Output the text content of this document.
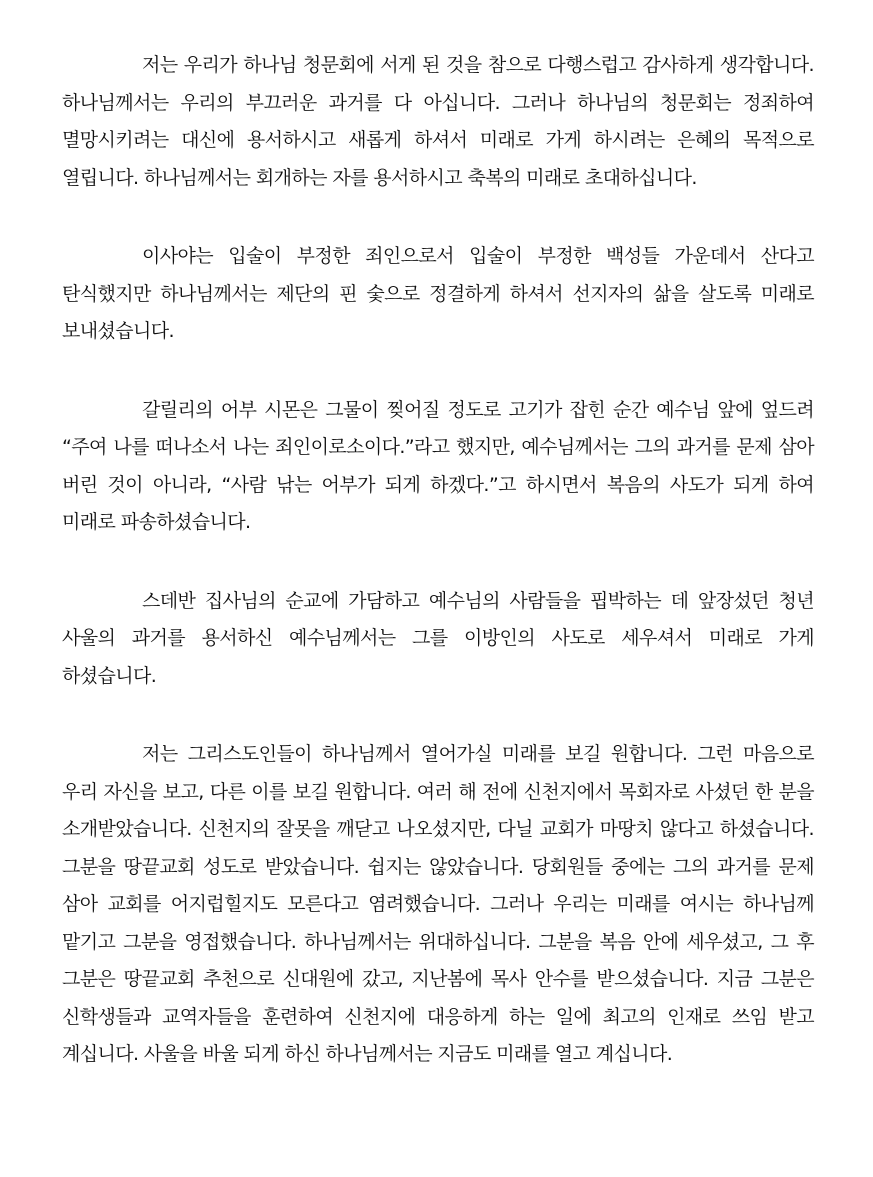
저는 우리가 하나님 청문회에 서게 된 것을 참으로 다행스럽고 감사하게 생각합니다. 하나님께서는 우리의 부끄러운 과거를 다 아십니다. 그러나 하나님의 청문회는 정죄하여 멸망시키려는 대신에 용서하시고 새롭게 하셔서 미래로 가게 하시려는 은혜의 목적으로 열립니다. 하나님께서는 회개하는 자를 용서하시고 축복의 미래로 초대하십니다.

이사야는 입술이 부정한 죄인으로서 입술이 부정한 백성들 가운데서 산다고 탄식했지만 하나님께서는 제단의 핀 숯으로 정결하게 하셔서 선지자의 삶을 살도록 미래로 보내셨습니다.

갈릴리의 어부 시몬은 그물이 찢어질 정도로 고기가 잡힌 순간 예수님 앞에 엎드려 “주여 나를 떠나소서 나는 죄인이로소이다.”라고 했지만, 예수님께서는 그의 과거를 문제 삼아 버린 것이 아니라, “사람 낚는 어부가 되게 하겠다.”고 하시면서 복음의 사도가 되게 하여 미래로 파송하셨습니다.

스데반 집사님의 순교에 가담하고 예수님의 사람들을 핍박하는 데 앞장섰던 청년 사울의 과거를 용서하신 예수님께서는 그를 이방인의 사도로 세우셔서 미래로 가게 하셨습니다.

저는 그리스도인들이 하나님께서 열어가실 미래를 보길 원합니다. 그런 마음으로 우리 자신을 보고, 다른 이를 보길 원합니다. 여러 해 전에 신천지에서 목회자로 사셨던 한 분을 소개받았습니다. 신천지의 잘못을 깨닫고 나오셨지만, 다닐 교회가 마땅치 않다고 하셨습니다. 그분을 땅끝교회 성도로 받았습니다. 쉽지는 않았습니다. 당회원들 중에는 그의 과거를 문제 삼아 교회를 어지럽힐지도 모른다고 염려했습니다. 그러나 우리는 미래를 여시는 하나님께 맡기고 그분을 영접했습니다. 하나님께서는 위대하십니다. 그분을 복음 안에 세우셨고, 그 후 그분은 땅끝교회 추천으로 신대원에 갔고, 지난봄에 목사 안수를 받으셨습니다. 지금 그분은 신학생들과 교역자들을 훈련하여 신천지에 대응하게 하는 일에 최고의 인재로 쓰임 받고 계십니다. 사울을 바울 되게 하신 하나님께서는 지금도 미래를 열고 계십니다.
